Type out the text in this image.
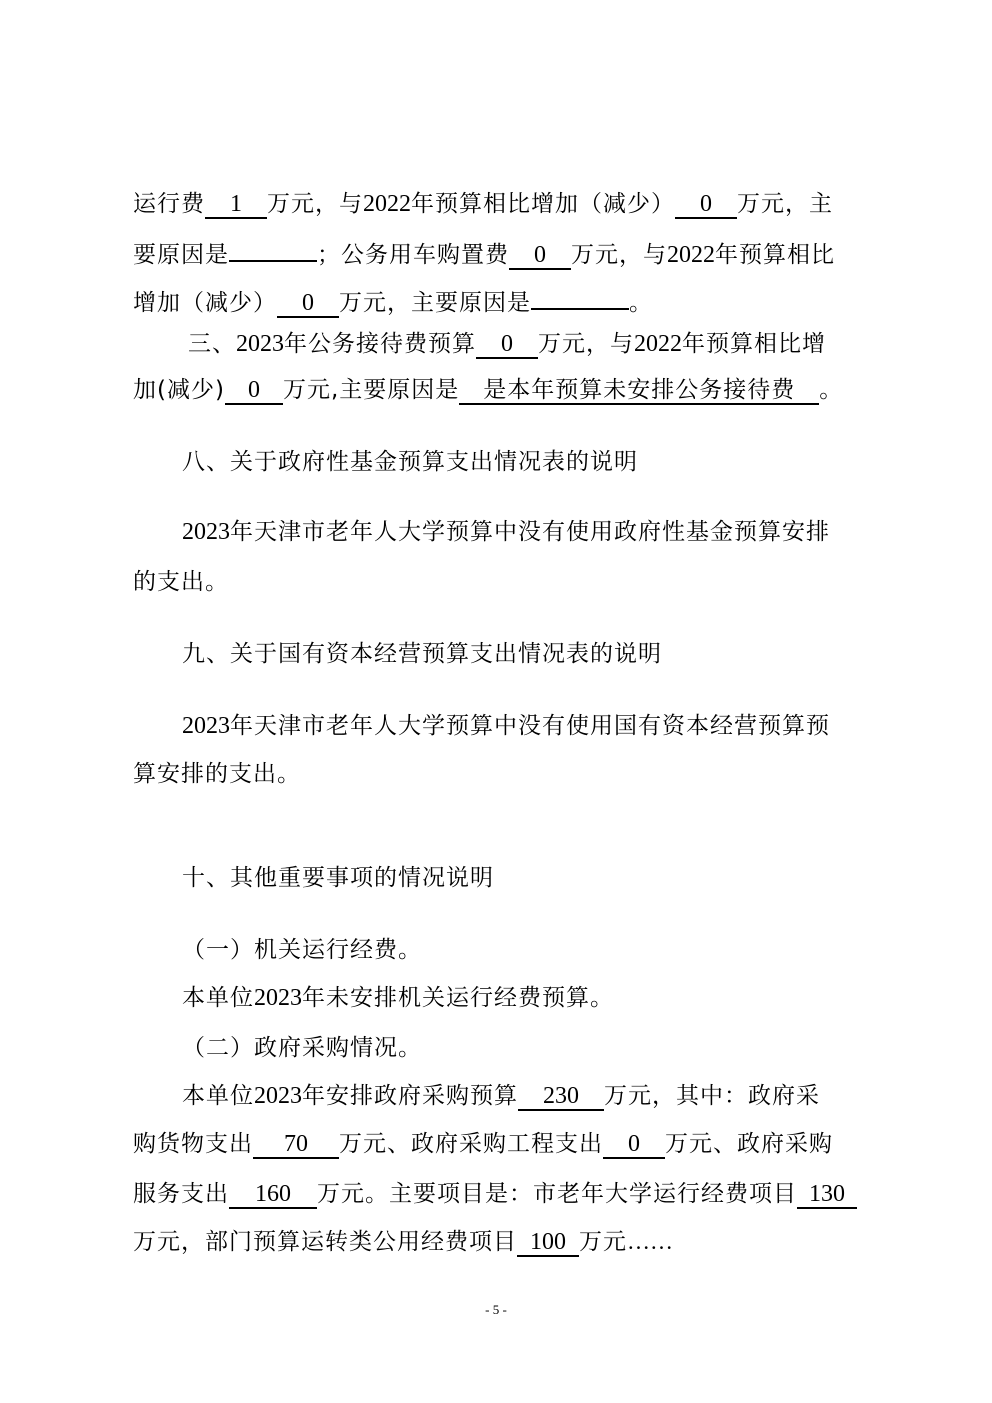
运行费 1 万元，与2022年预算相比增加（减少） 0 万元，主
要原因是	；公务用车购置费 0 万元，与2022年预算相比
增加（减少） 0 万元，主要原因是	。
三、2023年公务接待费预算 0 万元，与2022年预算相比增
加(减少) 0 万元,主要原因是 是本年预算未安排公务接待费 。
八、关于政府性基金预算支出情况表的说明
2023年天津市老年人大学预算中没有使用政府性基金预算安排
的支出。
九、关于国有资本经营预算支出情况表的说明
2023年天津市老年人大学预算中没有使用国有资本经营预算预
算安排的支出。
十、其他重要事项的情况说明
（一）机关运行经费。
本单位2023年未安排机关运行经费预算。
（二）政府采购情况。
本单位2023年安排政府采购预算 230 万元，其中：政府采
购货物支出 70 万元、政府采购工程支出 0 万元、政府采购
服务支出 160 万元。主要项目是：市老年大学运行经费项目 130
万元，部门预算运转类公用经费项目 100 万元……
- 5 -
